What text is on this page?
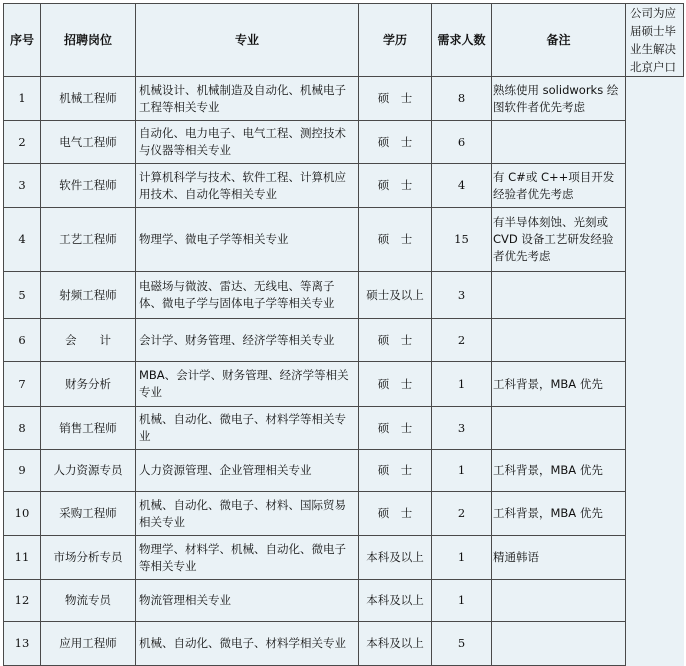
序号	招聘岗位	专业	学历	需求人数	备注	公司为应届硕士毕业生解决北京户口
1	机械工程师	机械设计、机械制造及自动化、机械电子工程等相关专业	硕　士	8	熟练使用 solidworks 绘图软件者优先考虑	
2	电气工程师	自动化、电力电子、电气工程、测控技术与仪器等相关专业	硕　士	6		
3	软件工程师	计算机科学与技术、软件工程、计算机应用技术、自动化等相关专业	硕　士	4	有 C#或 C++项目开发经验者优先考虑	
4	工艺工程师	物理学、微电子学等相关专业	硕　士	15	有半导体刻蚀、光刻或 CVD 设备工艺研发经验者优先考虑	
5	射频工程师	电磁场与微波、雷达、无线电、等离子体、微电子学与固体电子学等相关专业	硕士及以上	3		
6	会　　计	会计学、财务管理、经济学等相关专业	硕　士	2		
7	财务分析	MBA、会计学、财务管理、经济学等相关专业	硕　士	1	工科背景，MBA 优先	
8	销售工程师	机械、自动化、微电子、材料学等相关专业	硕　士	3		
9	人力资源专员	人力资源管理、企业管理相关专业	硕　士	1	工科背景，MBA 优先	
10	采购工程师	机械、自动化、微电子、材料、国际贸易相关专业	硕　士	2	工科背景，MBA 优先	
11	市场分析专员	物理学、材料学、机械、自动化、微电子等相关专业	本科及以上	1	精通韩语	
12	物流专员	物流管理相关专业	本科及以上	1		
13	应用工程师	机械、自动化、微电子、材料学相关专业	本科及以上	5		
